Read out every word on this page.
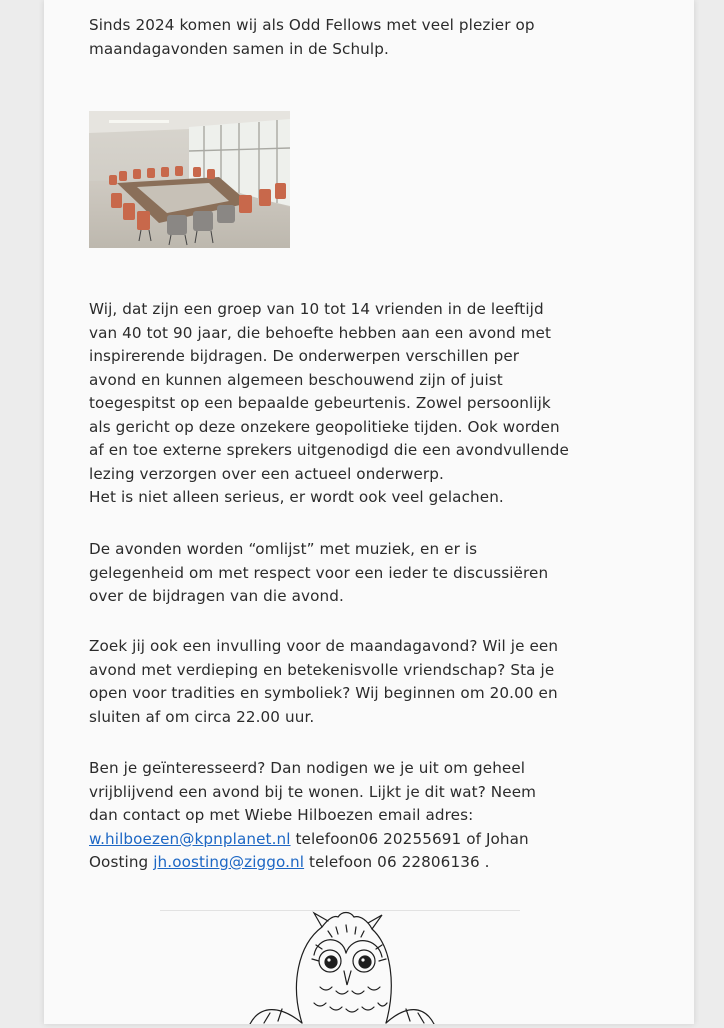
Sinds 2024 komen wij als Odd Fellows met veel plezier op
maandagavonden samen in de Schulp.
Wij, dat zijn een groep van 10 tot 14 vrienden in de leeftijd
van 40 tot 90 jaar, die behoefte hebben aan een avond met
inspirerende bijdragen. De onderwerpen verschillen per
avond en kunnen algemeen beschouwend zijn of juist
toegespitst op een bepaalde gebeurtenis. Zowel persoonlijk
als gericht op deze onzekere geopolitieke tijden. Ook worden
af en toe externe sprekers uitgenodigd die een avondvullende
lezing verzorgen over een actueel onderwerp.
Het is niet alleen serieus, er wordt ook veel gelachen.
De avonden worden “omlijst” met muziek, en er is
gelegenheid om met respect voor een ieder te discussiëren
over de bijdragen van die avond.
Zoek jij ook een invulling voor de maandagavond? Wil je een
avond met verdieping en betekenisvolle vriendschap? Sta je
open voor tradities en symboliek? Wij beginnen om 20.00 en
sluiten af om circa 22.00 uur.
Ben je geïnteresseerd? Dan nodigen we je uit om geheel
vrijblijvend een avond bij te wonen. Lijkt je dit wat? Neem
dan contact op met Wiebe Hilboezen email adres:
w.hilboezen@kpnplanet.nl telefoon06 20255691 of Johan
Oosting jh.oosting@ziggo.nl telefoon 06 22806136 .
